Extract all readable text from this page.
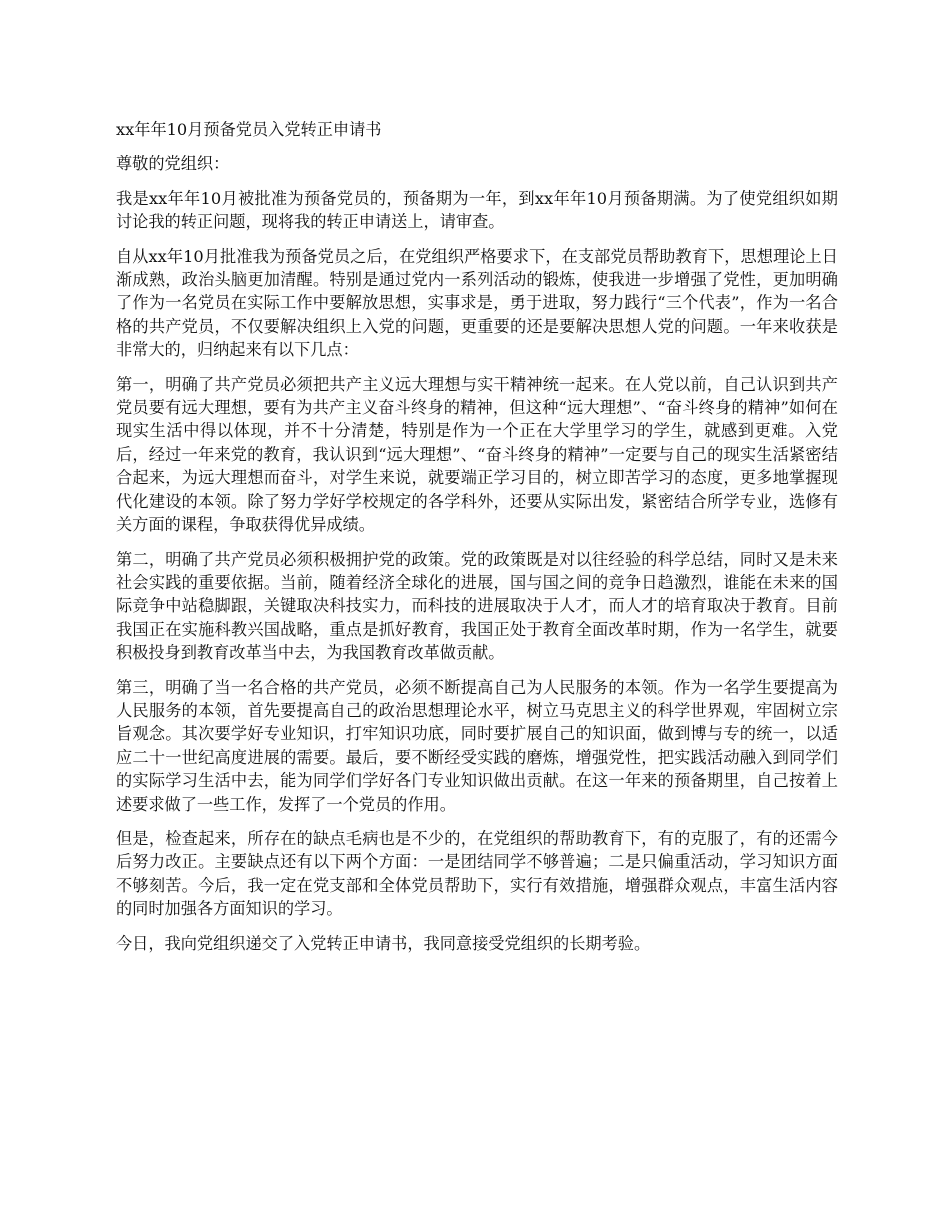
xx年年10月预备党员入党转正申请书

尊敬的党组织：

我是xx年年10月被批准为预备党员的，预备期为一年，到xx年年10月预备期满。为了使党组织如期讨论我的转正问题，现将我的转正申请送上，请审查。

自从xx年10月批准我为预备党员之后，在党组织严格要求下，在支部党员帮助教育下，思想理论上日渐成熟，政治头脑更加清醒。特别是通过党内一系列活动的锻炼，使我进一步增强了党性，更加明确了作为一名党员在实际工作中要解放思想，实事求是，勇于进取，努力践行“三个代表”，作为一名合格的共产党员，不仅要解决组织上入党的问题，更重要的还是要解决思想人党的问题。一年来收获是非常大的，归纳起来有以下几点：

第一，明确了共产党员必须把共产主义远大理想与实干精神统一起来。在人党以前，自己认识到共产党员要有远大理想，要有为共产主义奋斗终身的精神，但这种“远大理想”、“奋斗终身的精神”如何在现实生活中得以体现，并不十分清楚，特别是作为一个正在大学里学习的学生，就感到更难。入党后，经过一年来党的教育，我认识到“远大理想”、“奋斗终身的精神”一定要与自己的现实生活紧密结合起来，为远大理想而奋斗，对学生来说，就要端正学习目的，树立即苦学习的态度，更多地掌握现代化建设的本领。除了努力学好学校规定的各学科外，还要从实际出发，紧密结合所学专业，选修有关方面的课程，争取获得优异成绩。

第二，明确了共产党员必须积极拥护党的政策。党的政策既是对以往经验的科学总结，同时又是未来社会实践的重要依据。当前，随着经济全球化的进展，国与国之间的竞争日趋激烈，谁能在未来的国际竞争中站稳脚跟，关键取决科技实力，而科技的进展取决于人才，而人才的培育取决于教育。目前我国正在实施科教兴国战略，重点是抓好教育，我国正处于教育全面改革时期，作为一名学生，就要积极投身到教育改革当中去，为我国教育改革做贡献。

第三，明确了当一名合格的共产党员，必须不断提高自己为人民服务的本领。作为一名学生要提高为人民服务的本领，首先要提高自己的政治思想理论水平，树立马克思主义的科学世界观，牢固树立宗旨观念。其次要学好专业知识，打牢知识功底，同时要扩展自己的知识面，做到博与专的统一，以适应二十一世纪高度进展的需要。最后，要不断经受实践的磨炼，增强党性，把实践活动融入到同学们的实际学习生活中去，能为同学们学好各门专业知识做出贡献。在这一年来的预备期里，自己按着上述要求做了一些工作，发挥了一个党员的作用。

但是，检查起来，所存在的缺点毛病也是不少的，在党组织的帮助教育下，有的克服了，有的还需今后努力改正。主要缺点还有以下两个方面：一是团结同学不够普遍；二是只偏重活动，学习知识方面不够刻苦。今后，我一定在党支部和全体党员帮助下，实行有效措施，增强群众观点，丰富生活内容的同时加强各方面知识的学习。

今日，我向党组织递交了入党转正申请书，我同意接受党组织的长期考验。
